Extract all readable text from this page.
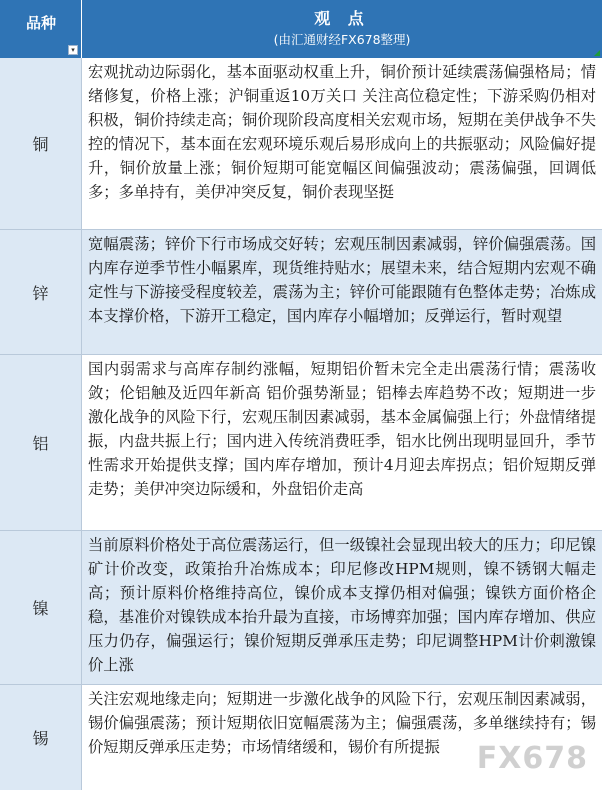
品种
▾
观 点
(由汇通财经FX678整理)
铜
宏观扰动边际弱化，基本面驱动权重上升，铜价预计延续震荡偏强格局；情绪修复，价格上涨；沪铜重返10万关口 关注高位稳定性；下游采购仍相对积极，铜价持续走高；铜价现阶段高度相关宏观市场，短期在美伊战争不失控的情况下，基本面在宏观环境乐观后易形成向上的共振驱动；风险偏好提升，铜价放量上涨；铜价短期可能宽幅区间偏强波动；震荡偏强，回调低多；多单持有，美伊冲突反复，铜价表现坚挺
锌
宽幅震荡；锌价下行市场成交好转；宏观压制因素减弱，锌价偏强震荡。国内库存逆季节性小幅累库，现货维持贴水；展望未来，结合短期内宏观不确定性与下游接受程度较差，震荡为主；锌价可能跟随有色整体走势；冶炼成本支撑价格，下游开工稳定，国内库存小幅增加；反弹运行，暂时观望
铝
国内弱需求与高库存制约涨幅，短期铝价暂未完全走出震荡行情；震荡收敛；伦铝触及近四年新高 铝价强势渐显；铝棒去库趋势不改；短期进一步激化战争的风险下行，宏观压制因素减弱，基本金属偏强上行；外盘情绪提振，内盘共振上行；国内进入传统消费旺季，铝水比例出现明显回升，季节性需求开始提供支撑；国内库存增加，预计4月迎去库拐点；铝价短期反弹走势；美伊冲突边际缓和，外盘铝价走高
镍
当前原料价格处于高位震荡运行，但一级镍社会显现出较大的压力；印尼镍矿计价改变，政策抬升冶炼成本；印尼修改HPM规则，镍不锈钢大幅走高；预计原料价格维持高位，镍价成本支撑仍相对偏强；镍铁方面价格企稳，基准价对镍铁成本抬升最为直接，市场博弈加强；国内库存增加、供应压力仍存，偏强运行；镍价短期反弹承压走势；印尼调整HPM计价刺激镍价上涨
锡
关注宏观地缘走向；短期进一步激化战争的风险下行，宏观压制因素减弱，锡价偏强震荡；预计短期依旧宽幅震荡为主；偏强震荡，多单继续持有；锡价短期反弹承压走势；市场情绪缓和，锡价有所提振	FX678
